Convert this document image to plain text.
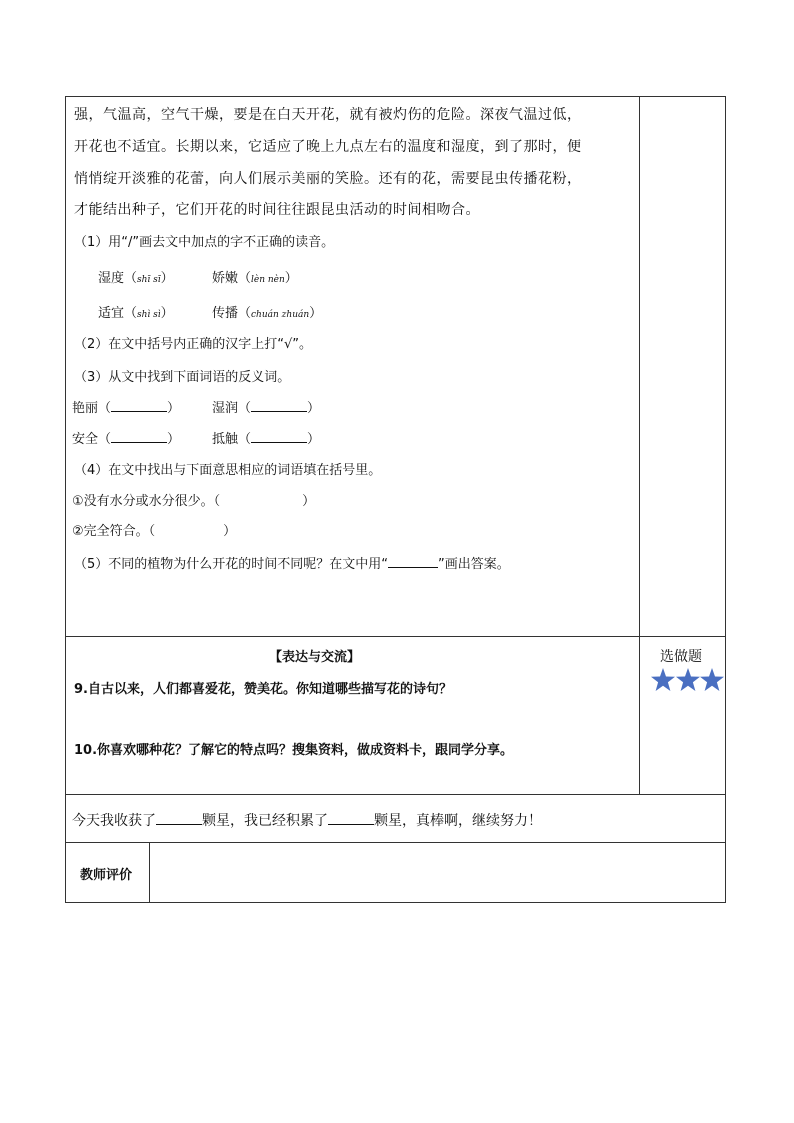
强，气温高，空气干燥，要是在白天开花，就有被灼伤的危险。深夜气温过低，
开花也不适宜。长期以来，它适应了晚上九点左右的温度和湿度，到了那时，便
悄悄绽开淡雅的花蕾，向人们展示美丽的笑脸。还有的花，需要昆虫传播花粉，
才能结出种子，它们开花的时间往往跟昆虫活动的时间相吻合。
（1）用“/”画去文中加点的字不正确的读音。
湿度（shī sī）	娇嫩（lèn nèn）
适宜（shì sì）	传播（chuán zhuán）
（2）在文中括号内正确的汉字上打“√”。
（3）从文中找到下面词语的反义词。
艳丽（	） 湿润（	）
安全（	） 抵触（	）
（4）在文中找出与下面意思相应的词语填在括号里。
①没有水分或水分很少。（	）
②完全符合。（	）
（5）不同的植物为什么开花的时间不同呢？在文中用“	”画出答案。
【表达与交流】
9.自古以来，人们都喜爱花，赞美花。你知道哪些描写花的诗句？
10.你喜欢哪种花？了解它的特点吗？搜集资料，做成资料卡，跟同学分享。
选做题
今天我收获了	颗星，我已经积累了	颗星，真棒啊，继续努力！
教师评价
